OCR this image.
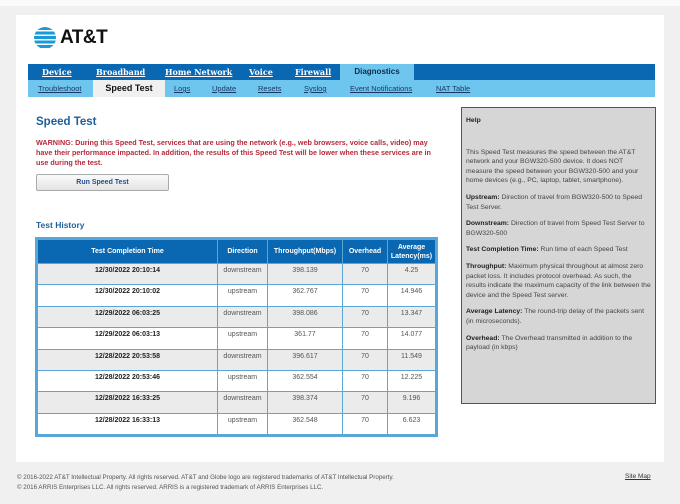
AT&T
Device	Broadband Home Network Voice	Firewall	Diagnostics
Troubleshoot	Speed Test	Logs	Update	Resets	Syslog	Event Notifications	NAT Table
Speed Test
WARNING: During this Speed Test, services that are using the network (e.g., web browsers, voice calls, video) may have their performance impacted. In addition, the results of this Speed Test will be lower when these services are in use during the test.
Run Speed Test
Test History
Test Completion Time	Direction	Throughput(Mbps)	Overhead	Average Latency(ms)
12/30/2022 20:10:14	downstream	398.139	70	4.25
12/30/2022 20:10:02	upstream	362.767	70	14.946
12/29/2022 06:03:25	downstream	398.086	70	13.347
12/29/2022 06:03:13	upstream	361.77	70	14.077
12/28/2022 20:53:58	downstream	396.617	70	11.549
12/28/2022 20:53:46	upstream	362.554	70	12.225
12/28/2022 16:33:25	downstream	398.374	70	9.196
12/28/2022 16:33:13	upstream	362.548	70	6.623

Help

This Speed Test measures the speed between the AT&T network and your BGW320-500 device. It does NOT measure the speed between your BGW320-500 and your home devices (e.g., PC, laptop, tablet, smartphone).

Upstream: Direction of travel from BGW320-500 to Speed Test Server.

Downstream: Direction of travel from Speed Test Server to BGW320-500

Test Completion Time: Run time of each Speed Test

Throughput: Maximum physical throughout at almost zero packet loss. It includes protocol overhead. As such, the results indicate the maximum capacity of the link between the device and the Speed Test server.

Average Latency: The round-trip delay of the packets sent (in microseconds).

Overhead: The Overhead transmitted in addition to the payload (in kbps)

© 2016-2022 AT&T Intellectual Property. All rights reserved. AT&T and Globe logo are registered trademarks of AT&T Intellectual Property.
© 2016 ARRIS Enterprises LLC. All rights reserved. ARRIS is a registered trademark of ARRIS Enterprises LLC.
Site Map
